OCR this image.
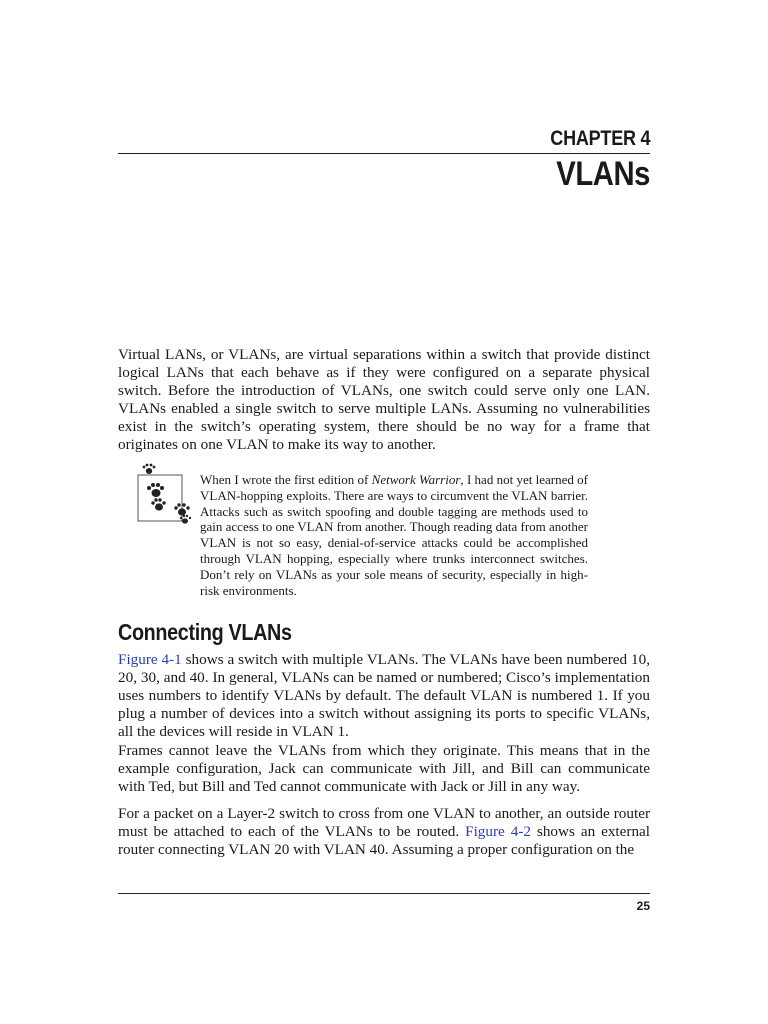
CHAPTER 4
VLANs

Virtual LANs, or VLANs, are virtual separations within a switch that provide distinct logical LANs that each behave as if they were configured on a separate physical switch. Before the introduction of VLANs, one switch could serve only one LAN. VLANs enabled a single switch to serve multiple LANs. Assuming no vulnerabilities exist in the switch’s operating system, there should be no way for a frame that originates on one VLAN to make its way to another.

When I wrote the first edition of Network Warrior, I had not yet learned of VLAN-hopping exploits. There are ways to circumvent the VLAN barrier. Attacks such as switch spoofing and double tagging are methods used to gain access to one VLAN from another. Though reading data from another VLAN is not so easy, denial-of-service attacks could be accomplished through VLAN hopping, especially where trunks interconnect switches. Don’t rely on VLANs as your sole means of security, especially in high-risk environments.

Connecting VLANs

Figure 4-1 shows a switch with multiple VLANs. The VLANs have been numbered 10, 20, 30, and 40. In general, VLANs can be named or numbered; Cisco’s implementation uses numbers to identify VLANs by default. The default VLAN is numbered 1. If you plug a number of devices into a switch without assigning its ports to specific VLANs, all the devices will reside in VLAN 1.

Frames cannot leave the VLANs from which they originate. This means that in the example configuration, Jack can communicate with Jill, and Bill can communicate with Ted, but Bill and Ted cannot communicate with Jack or Jill in any way.

For a packet on a Layer-2 switch to cross from one VLAN to another, an outside router must be attached to each of the VLANs to be routed. Figure 4-2 shows an external router connecting VLAN 20 with VLAN 40. Assuming a proper configuration on the

25
